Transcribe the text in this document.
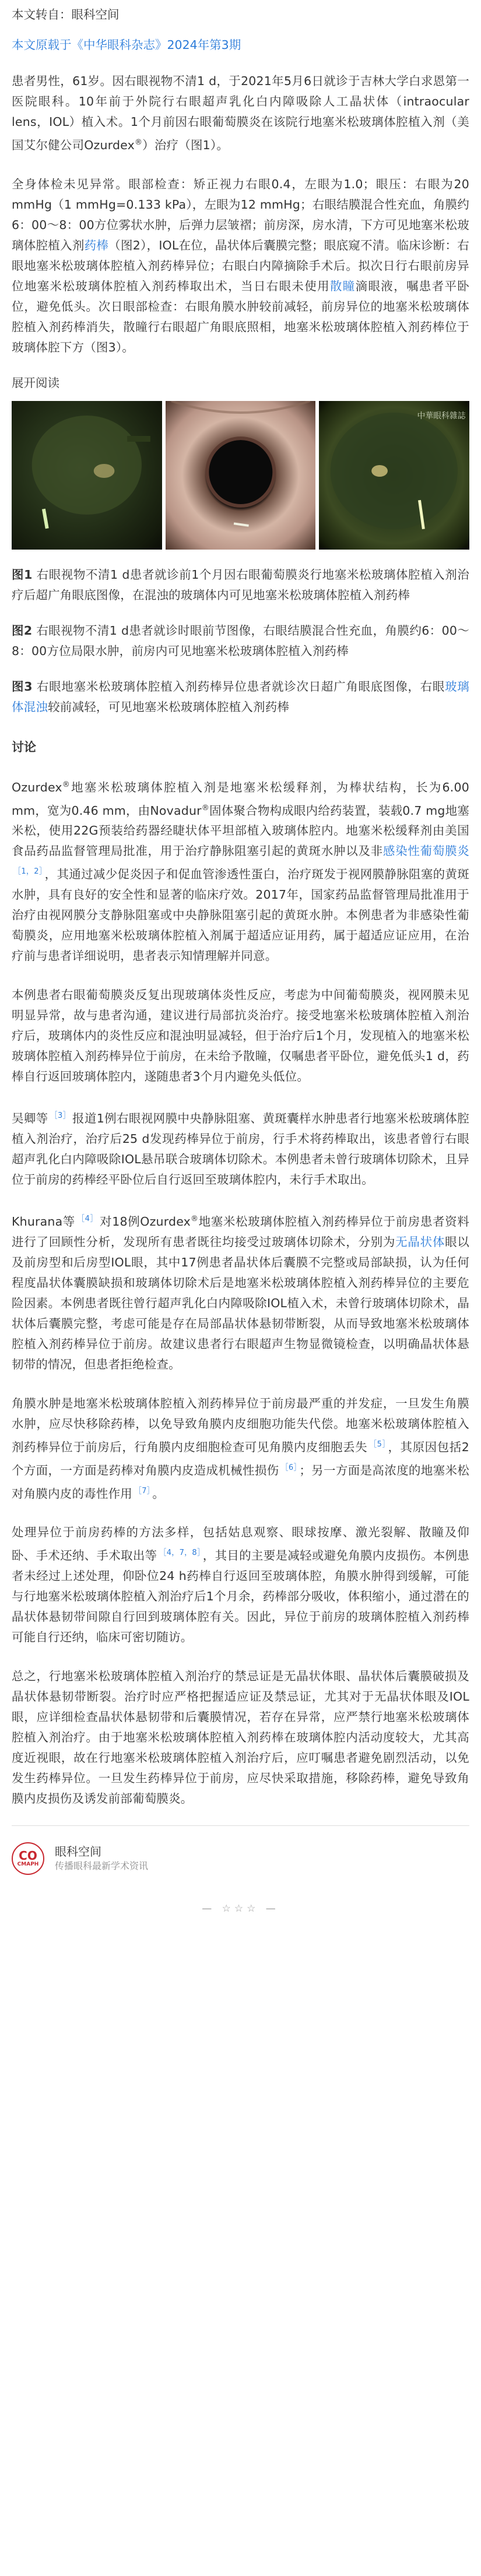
本文转自：眼科空间
本文原载于《中华眼科杂志》2024年第3期

患者男性，61岁。因右眼视物不清1 d，于2021年5月6日就诊于吉林大学白求恩第一医院眼科。10年前于外院行右眼超声乳化白内障吸除人工晶状体（intraocular lens，IOL）植入术。1个月前因右眼葡萄膜炎在该院行地塞米松玻璃体腔植入剂（美国艾尔健公司Ozurdex®）治疗（图1）。

全身体检未见异常。眼部检查：矫正视力右眼0.4，左眼为1.0；眼压：右眼为20 mmHg（1 mmHg=0.133 kPa），左眼为12 mmHg；右眼结膜混合性充血，角膜约6：00～8：00方位雾状水肿，后弹力层皱褶；前房深，房水清，下方可见地塞米松玻璃体腔植入剂药棒（图2），IOL在位，晶状体后囊膜完整；眼底窥不清。临床诊断：右眼地塞米松玻璃体腔植入剂药棒异位；右眼白内障摘除手术后。拟次日行右眼前房异位地塞米松玻璃体腔植入剂药棒取出术，当日右眼未使用散瞳滴眼液，嘱患者平卧位，避免低头。次日眼部检查：右眼角膜水肿较前减轻，前房异位的地塞米松玻璃体腔植入剂药棒消失，散瞳行右眼超广角眼底照相，地塞米松玻璃体腔植入剂药棒位于玻璃体腔下方（图3）。

展开阅读
中華眼科雜誌

图1 右眼视物不清1 d患者就诊前1个月因右眼葡萄膜炎行地塞米松玻璃体腔植入剂治疗后超广角眼底图像，在混浊的玻璃体内可见地塞米松玻璃体腔植入剂药棒

图2 右眼视物不清1 d患者就诊时眼前节图像，右眼结膜混合性充血，角膜约6：00～8：00方位局限水肿，前房内可见地塞米松玻璃体腔植入剂药棒

图3 右眼地塞米松玻璃体腔植入剂药棒异位患者就诊次日超广角眼底图像，右眼玻璃体混浊较前减轻，可见地塞米松玻璃体腔植入剂药棒

讨论

Ozurdex®地塞米松玻璃体腔植入剂是地塞米松缓释剂，为棒状结构，长为6.00 mm，宽为0.46 mm，由Novadur®固体聚合物构成眼内给药装置，装载0.7 mg地塞米松，使用22G预装给药器经睫状体平坦部植入玻璃体腔内。地塞米松缓释剂由美国食品药品监督管理局批准，用于治疗静脉阻塞引起的黄斑水肿以及非感染性葡萄膜炎$^{[1,2]}$ ，其通过减少促炎因子和促血管渗透性蛋白，治疗斑发于视网膜静脉阻塞的黄斑水肿，具有良好的安全性和显著的临床疗效。2017年，国家药品监督管理局批准用于治疗由视网膜分支静脉阻塞或中央静脉阻塞引起的黄斑水肿。本例患者为非感染性葡萄膜炎，应用地塞米松玻璃体腔植入剂属于超适应证用药，属于超适应证应用，在治疗前与患者详细说明，患者表示知情理解并同意。

本例患者右眼葡萄膜炎反复出现玻璃体炎性反应，考虑为中间葡萄膜炎，视网膜未见明显异常，故与患者沟通，建议进行局部抗炎治疗。接受地塞米松玻璃体腔植入剂治疗后，玻璃体内的炎性反应和混浊明显减轻，但于治疗后1个月，发现植入的地塞米松玻璃体腔植入剂药棒异位于前房，在未给予散瞳，仅嘱患者平卧位，避免低头1 d，药棒自行返回玻璃体腔内，遂随患者3个月内避免头低位。

吴卿等 $^{[3]}$ 报道1例右眼视网膜中央静脉阻塞、黄斑囊样水肿患者行地塞米松玻璃体腔植入剂治疗，治疗后25 d发现药棒异位于前房，行手术将药棒取出，该患者曾行右眼超声乳化白内障吸除IOL悬吊联合玻璃体切除术。本例患者未曾行玻璃体切除术，且异位于前房的药棒经平卧位后自行返回至玻璃体腔内，未行手术取出。

Khurana等 $^{[4]}$ 对18例Ozurdex®地塞米松玻璃体腔植入剂药棒异位于前房患者资料进行了回顾性分析，发现所有患者既往均接受过玻璃体切除术，分别为无晶状体眼以及前房型和后房型IOL眼，其中17例患者晶状体后囊膜不完整或局部缺损，认为任何程度晶状体囊膜缺损和玻璃体切除术后是地塞米松玻璃体腔植入剂药棒异位的主要危险因素。本例患者既往曾行超声乳化白内障吸除IOL植入术，未曾行玻璃体切除术，晶状体后囊膜完整，考虑可能是存在局部晶状体悬韧带断裂，从而导致地塞米松玻璃体腔植入剂药棒异位于前房。故建议患者行右眼超声生物显微镜检查，以明确晶状体悬韧带的情况，但患者拒绝检查。

角膜水肿是地塞米松玻璃体腔植入剂药棒异位于前房最严重的并发症，一旦发生角膜水肿，应尽快移除药棒，以免导致角膜内皮细胞功能失代偿。地塞米松玻璃体腔植入剂药棒异位于前房后，行角膜内皮细胞检查可见角膜内皮细胞丢失 $^{[5]}$ ，其原因包括2个方面，一方面是药棒对角膜内皮造成机械性损伤 $^{[6]}$ ；另一方面是高浓度的地塞米松对角膜内皮的毒性作用 $^{[7]}$ 。

处理异位于前房药棒的方法多样，包括姑息观察、眼球按摩、激光裂解、散瞳及仰卧、手术还纳、手术取出等 $^{[4,7,8]}$ ，其目的主要是减轻或避免角膜内皮损伤。本例患者未经过上述处理，仰卧位24 h药棒自行返回至玻璃体腔，角膜水肿得到缓解，可能与行地塞米松玻璃体腔植入剂治疗后1个月余，药棒部分吸收，体积缩小，通过潜在的晶状体悬韧带间隙自行回到玻璃体腔有关。因此，异位于前房的玻璃体腔植入剂药棒可能自行还纳，临床可密切随访。

总之，行地塞米松玻璃体腔植入剂治疗的禁忌证是无晶状体眼、晶状体后囊膜破损及晶状体悬韧带断裂。治疗时应严格把握适应证及禁忌证，尤其对于无晶状体眼及IOL眼，应详细检查晶状体悬韧带和后囊膜情况，若存在异常，应严禁行地塞米松玻璃体腔植入剂治疗。由于地塞米松玻璃体腔植入剂药棒在玻璃体腔内活动度较大，尤其高度近视眼，故在行地塞米松玻璃体腔植入剂治疗后，应叮嘱患者避免剧烈活动，以免发生药棒异位。一旦发生药棒异位于前房，应尽快采取措施，移除药棒，避免导致角膜内皮损伤及诱发前部葡萄膜炎。

CO
CMAPH
眼科空间
传播眼科最新学术资讯
— ☆☆☆ —
